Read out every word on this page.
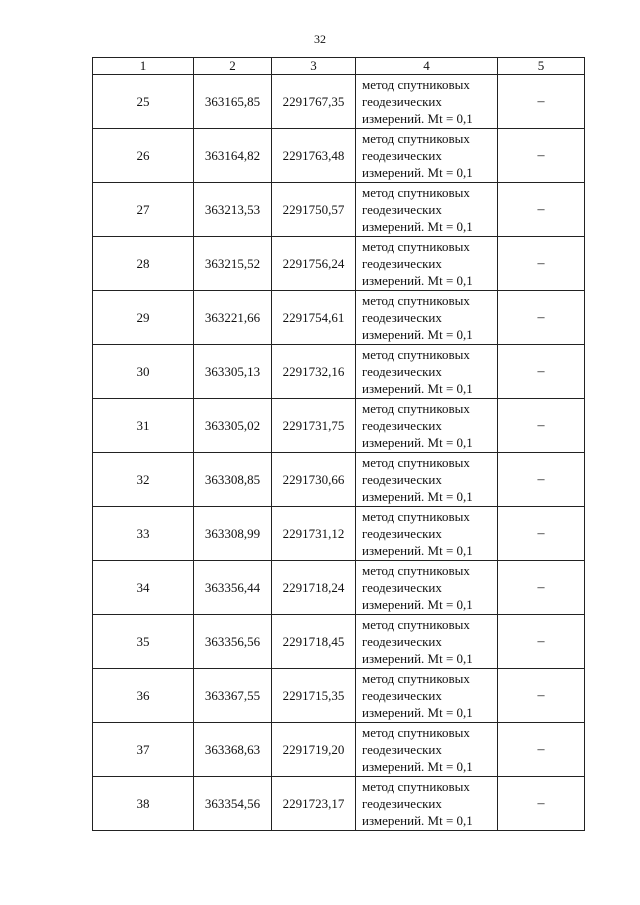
32
1	2	3	4	5
25	363165,85	2291767,35	метод спутниковых
геодезических
измерений. Mt = 0,1	–
26	363164,82	2291763,48	метод спутниковых
геодезических
измерений. Mt = 0,1	–
27	363213,53	2291750,57	метод спутниковых
геодезических
измерений. Mt = 0,1	–
28	363215,52	2291756,24	метод спутниковых
геодезических
измерений. Mt = 0,1	–
29	363221,66	2291754,61	метод спутниковых
геодезических
измерений. Mt = 0,1	–
30	363305,13	2291732,16	метод спутниковых
геодезических
измерений. Mt = 0,1	–
31	363305,02	2291731,75	метод спутниковых
геодезических
измерений. Mt = 0,1	–
32	363308,85	2291730,66	метод спутниковых
геодезических
измерений. Mt = 0,1	–
33	363308,99	2291731,12	метод спутниковых
геодезических
измерений. Mt = 0,1	–
34	363356,44	2291718,24	метод спутниковых
геодезических
измерений. Mt = 0,1	–
35	363356,56	2291718,45	метод спутниковых
геодезических
измерений. Mt = 0,1	–
36	363367,55	2291715,35	метод спутниковых
геодезических
измерений. Mt = 0,1	–
37	363368,63	2291719,20	метод спутниковых
геодезических
измерений. Mt = 0,1	–
38	363354,56	2291723,17	метод спутниковых
геодезических
измерений. Mt = 0,1	–
